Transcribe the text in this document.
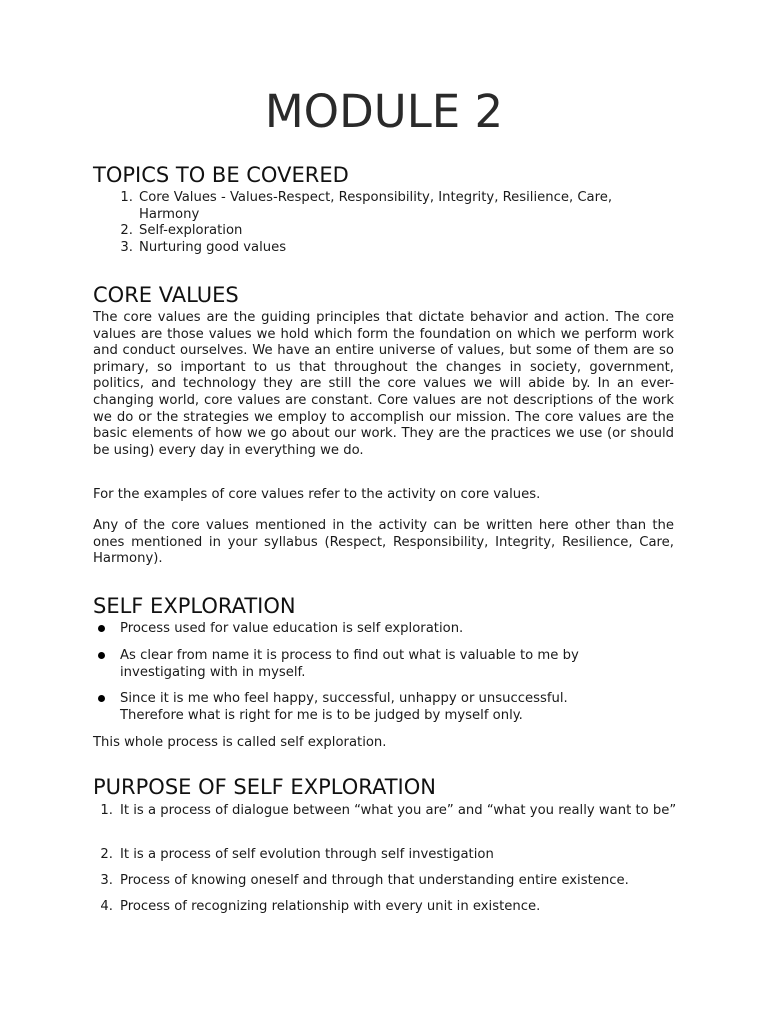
MODULE 2
TOPICS TO BE COVERED
1. Core Values - Values-Respect, Responsibility, Integrity, Resilience, Care, Harmony

2. Self-exploration

3. Nurturing good values

CORE VALUES

The core values are the guiding principles that dictate behavior and action. The core values are those values we hold which form the foundation on which we perform work and conduct ourselves. We have an entire universe of values, but some of them are so primary, so important to us that throughout the changes in society, government, politics, and technology they are still the core values we will abide by. In an ever-changing world, core values are constant. Core values are not descriptions of the work we do or the strategies we employ to accomplish our mission. The core values are the basic elements of how we go about our work. They are the practices we use (or should be using) every day in everything we do.

For the examples of core values refer to the activity on core values.

Any of the core values mentioned in the activity can be written here other than the ones mentioned in your syllabus (Respect, Responsibility, Integrity, Resilience, Care, Harmony).

SELF EXPLORATION

Process used for value education is self exploration.

As clear from name it is process to find out what is valuable to me by investigating with in myself.

Since it is me who feel happy, successful, unhappy or unsuccessful. Therefore what is right for me is to be judged by myself only.

This whole process is called self exploration.

PURPOSE OF SELF EXPLORATION
1. It is a process of dialogue between “what you are” and “what you really want to be”

2. It is a process of self evolution through self investigation

3. Process of knowing oneself and through that understanding entire existence.

4. Process of recognizing relationship with every unit in existence.
